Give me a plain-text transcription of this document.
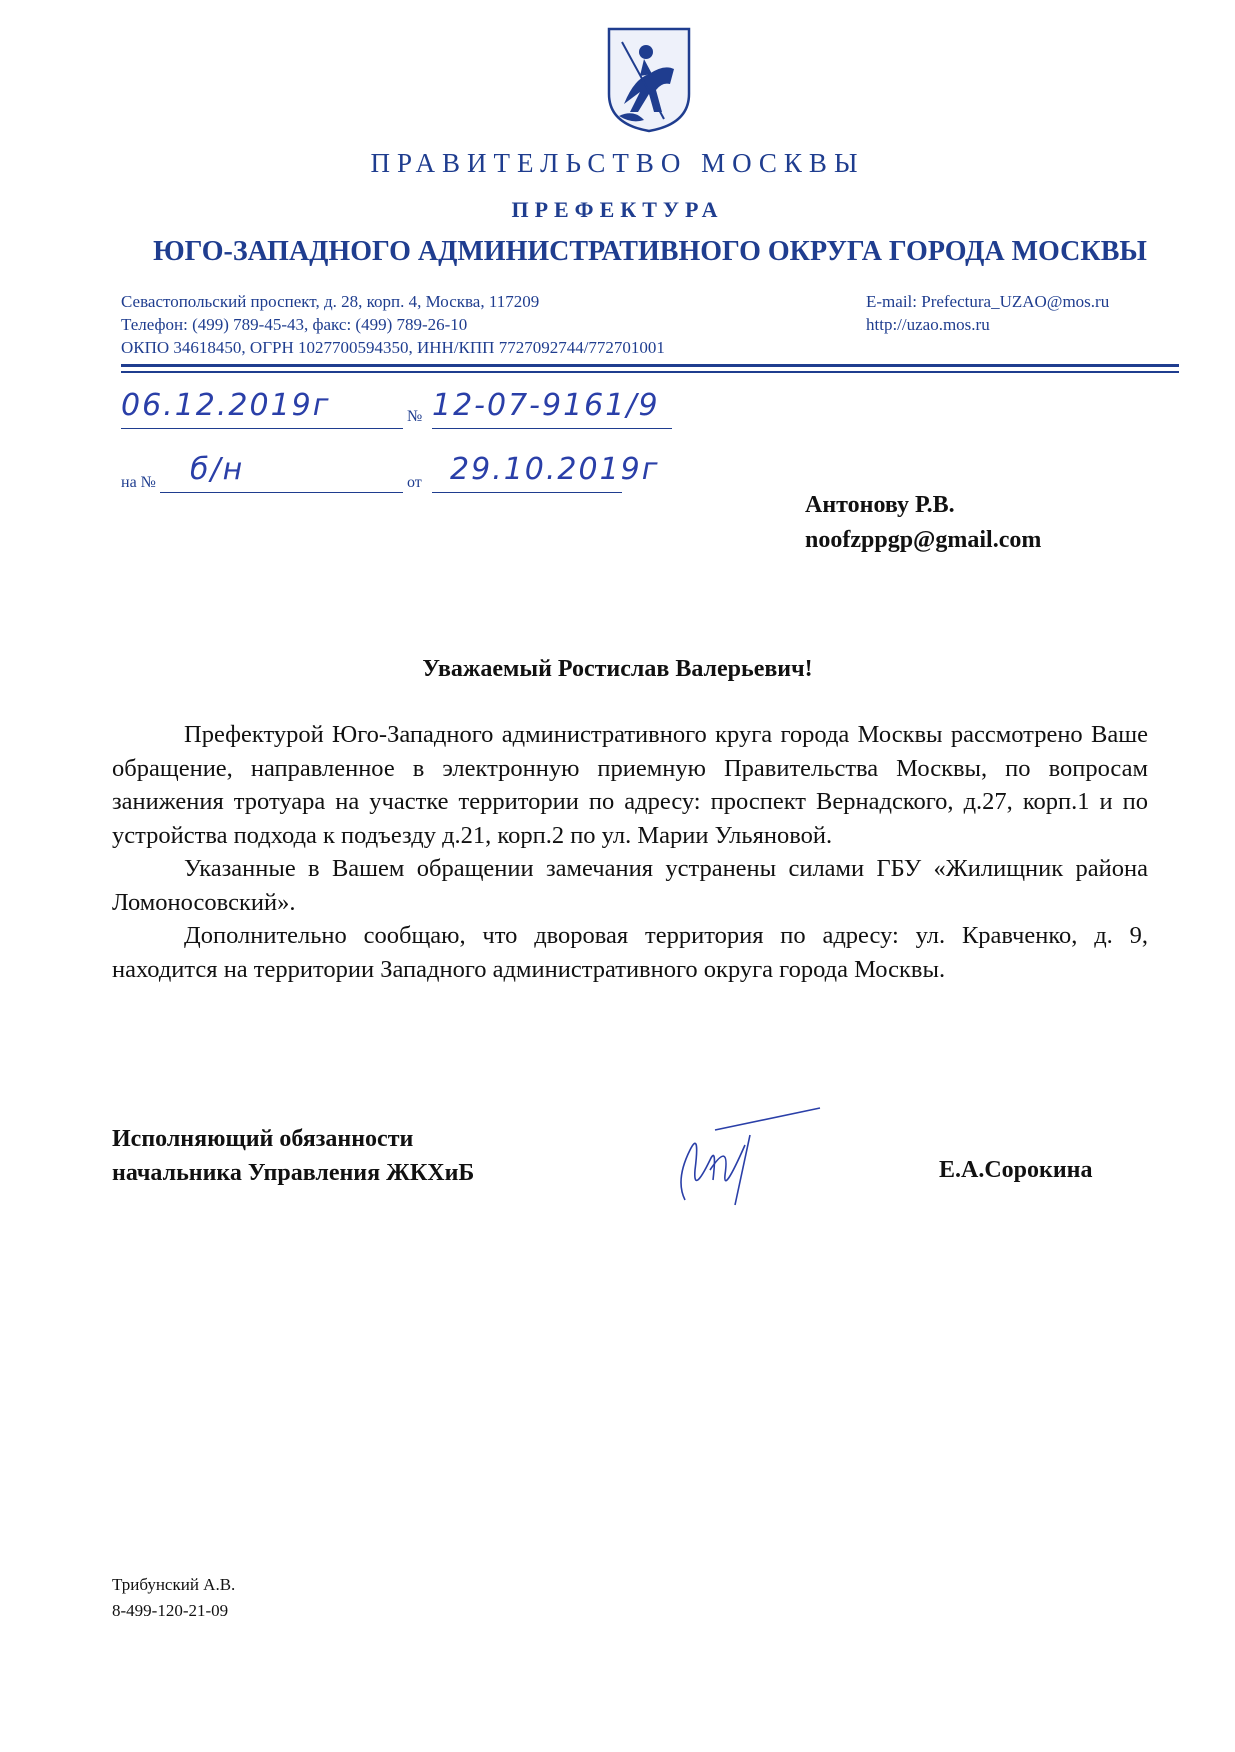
ПРАВИТЕЛЬСТВО МОСКВЫ
ПРЕФЕКТУРА
ЮГО-ЗАПАДНОГО АДМИНИСТРАТИВНОГО ОКРУГА ГОРОДА МОСКВЫ
Севастопольский проспект, д. 28, корп. 4, Москва, 117209
Телефон: (499) 789-45-43, факс: (499) 789-26-10
ОКПО 34618450, ОГРН 1027700594350, ИНН/КПП 7727092744/772701001
E-mail: Prefectura_UZAO@mos.ru
http://uzao.mos.ru
06.12.2019г	№ 12-07-9161/9
на №	б/н	от 29.10.2019г
Антонову Р.В.
noofzppgp@gmail.com
Уважаемый Ростислав Валерьевич!

Префектурой Юго-Западного административного круга города Москвы рассмотрено Ваше обращение, направленное в электронную приемную Правительства Москвы, по вопросам занижения тротуара на участке территории по адресу: проспект Вернадского, д.27, корп.1 и по устройства подхода к подъезду д.21, корп.2 по ул. Марии Ульяновой.

Указанные в Вашем обращении замечания устранены силами ГБУ «Жилищник района Ломоносовский».

Дополнительно сообщаю, что дворовая территория по адресу: ул. Кравченко, д. 9, находится на территории Западного административного округа города Москвы.

Исполняющий обязанности
начальника Управления ЖКХиБ	Е.А.Сорокина
Трибунский А.В.
8-499-120-21-09
